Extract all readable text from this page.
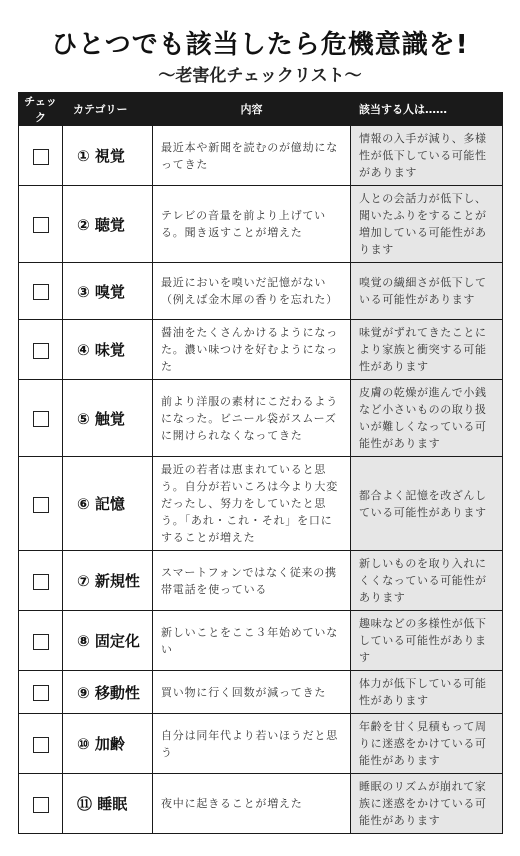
ひとつでも該当したら危機意識を!
〜老害化チェックリスト〜
チェック	カテゴリー	内容	該当する人は……
	① 視覚	最近本や新聞を読むのが億劫になってきた	情報の入手が減り、多様性が低下している可能性があります
	② 聴覚	テレビの音量を前より上げている。聞き返すことが増えた	人との会話力が低下し、聞いたふりをすることが増加している可能性があります
	③ 嗅覚	最近においを嗅いだ記憶がない（例えば金木犀の香りを忘れた）	嗅覚の繊細さが低下している可能性があります
	④ 味覚	醤油をたくさんかけるようになった。濃い味つけを好むようになった	味覚がずれてきたことにより家族と衝突する可能性があります
	⑤ 触覚	前より洋服の素材にこだわるようになった。ビニール袋がスムーズに開けられなくなってきた	皮膚の乾燥が進んで小銭など小さいものの取り扱いが難しくなっている可能性があります
	⑥ 記憶	最近の若者は恵まれていると思う。自分が若いころは今より大変だったし、努力をしていたと思う。「あれ・これ・それ」を口にすることが増えた	都合よく記憶を改ざんしている可能性があります
	⑦ 新規性	スマートフォンではなく従来の携帯電話を使っている	新しいものを取り入れにくくなっている可能性があります
	⑧ 固定化	新しいことをここ３年始めていない	趣味などの多様性が低下している可能性があります
	⑨ 移動性	買い物に行く回数が減ってきた	体力が低下している可能性があります
	⑩ 加齢	自分は同年代より若いほうだと思う	年齢を甘く見積もって周りに迷惑をかけている可能性があります
	⑪ 睡眠	夜中に起きることが増えた	睡眠のリズムが崩れて家族に迷惑をかけている可能性があります
